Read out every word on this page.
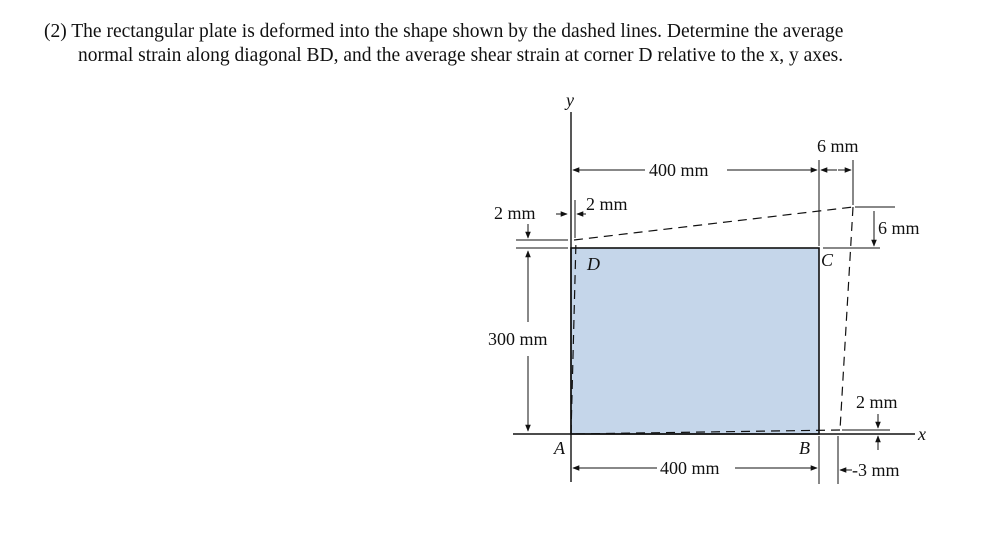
(2) The rectangular plate is deformed into the shape shown by the dashed lines. Determine the average
normal strain along diagonal BD, and the average shear strain at corner D relative to the x, y axes.

y
x
A	B
C
D
400 mm
400 mm
300 mm
2 mm	2 mm
6 mm
6 mm
2 mm
-3 mm
